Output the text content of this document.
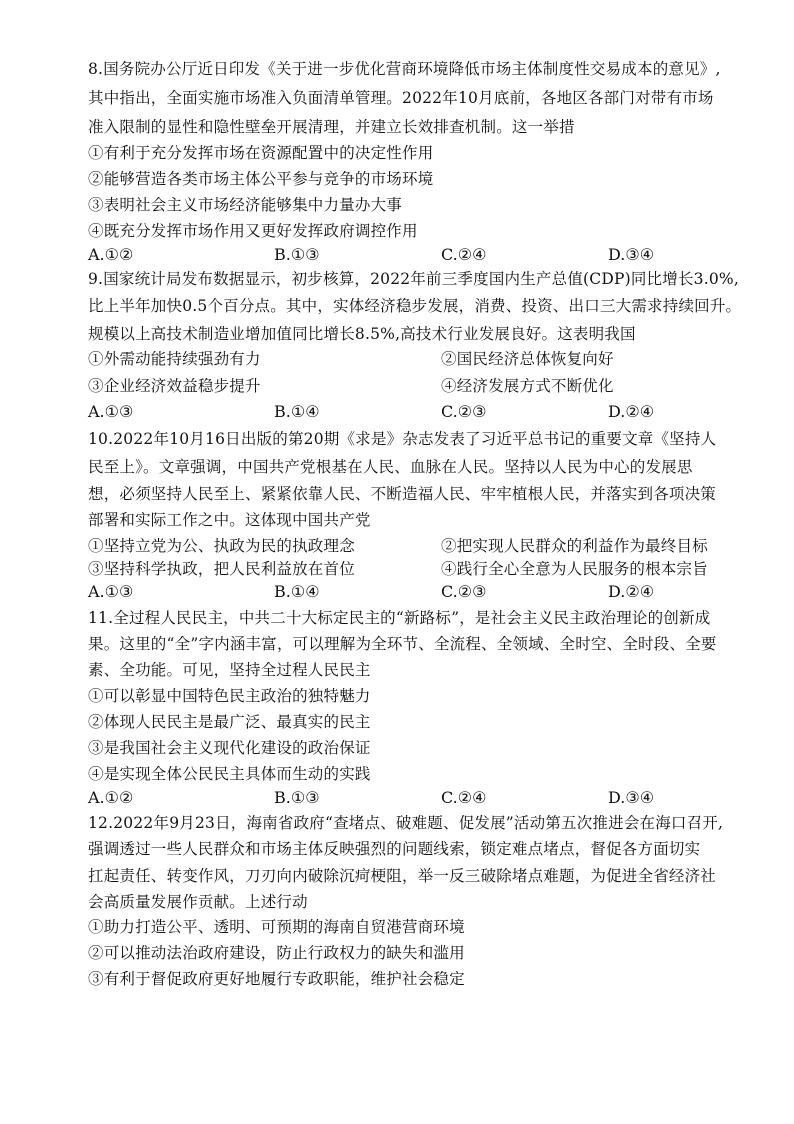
8.国务院办公厅近日印发《关于进一步优化营商环境降低市场主体制度性交易成本的意见》,
其中指出，全面实施市场准入负面清单管理。2022年10月底前，各地区各部门对带有市场
准入限制的显性和隐性壁垒开展清理，并建立长效排查机制。这一举措
①有利于充分发挥市场在资源配置中的决定性作用
②能够营造各类市场主体公平参与竞争的市场环境
③表明社会主义市场经济能够集中力量办大事
④既充分发挥市场作用又更好发挥政府调控作用
A.①②	B.①③	C.②④	D.③④
9.国家统计局发布数据显示，初步核算，2022年前三季度国内生产总值(CDP)同比增长3.0%,
比上半年加快0.5个百分点。其中，实体经济稳步发展，消费、投资、出口三大需求持续回升。
规模以上高技术制造业增加值同比增长8.5%,高技术行业发展良好。这表明我国
①外需动能持续强劲有力	②国民经济总体恢复向好
③企业经济效益稳步提升	④经济发展方式不断优化
A.①③	B.①④	C.②③	D.②④
10.2022年10月16日出版的第20期《求是》杂志发表了习近平总书记的重要文章《坚持人
民至上》。文章强调，中国共产党根基在人民、血脉在人民。坚持以人民为中心的发展思
想，必须坚持人民至上、紧紧依靠人民、不断造福人民、牢牢植根人民，并落实到各项决策
部署和实际工作之中。这体现中国共产党
①坚持立党为公、执政为民的执政理念	②把实现人民群众的利益作为最终目标
③坚持科学执政，把人民利益放在首位	④践行全心全意为人民服务的根本宗旨
A.①③	B.①④	C.②③	D.②④
11.全过程人民民主，中共二十大标定民主的“新路标”，是社会主义民主政治理论的创新成
果。这里的“全”字内涵丰富，可以理解为全环节、全流程、全领域、全时空、全时段、全要
素、全功能。可见，坚持全过程人民民主
①可以彰显中国特色民主政治的独特魅力
②体现人民民主是最广泛、最真实的民主
③是我国社会主义现代化建设的政治保证
④是实现全体公民民主具体而生动的实践
A.①②	B.①③	C.②④	D.③④
12.2022年9月23日，海南省政府“查堵点、破难题、促发展”活动第五次推进会在海口召开,
强调透过一些人民群众和市场主体反映强烈的问题线索，锁定难点堵点，督促各方面切实
扛起责任、转变作风，刀刃向内破除沉疴梗阻，举一反三破除堵点难题，为促进全省经济社
会高质量发展作贡献。上述行动
①助力打造公平、透明、可预期的海南自贸港营商环境
②可以推动法治政府建设，防止行政权力的缺失和滥用
③有利于督促政府更好地履行专政职能，维护社会稳定
